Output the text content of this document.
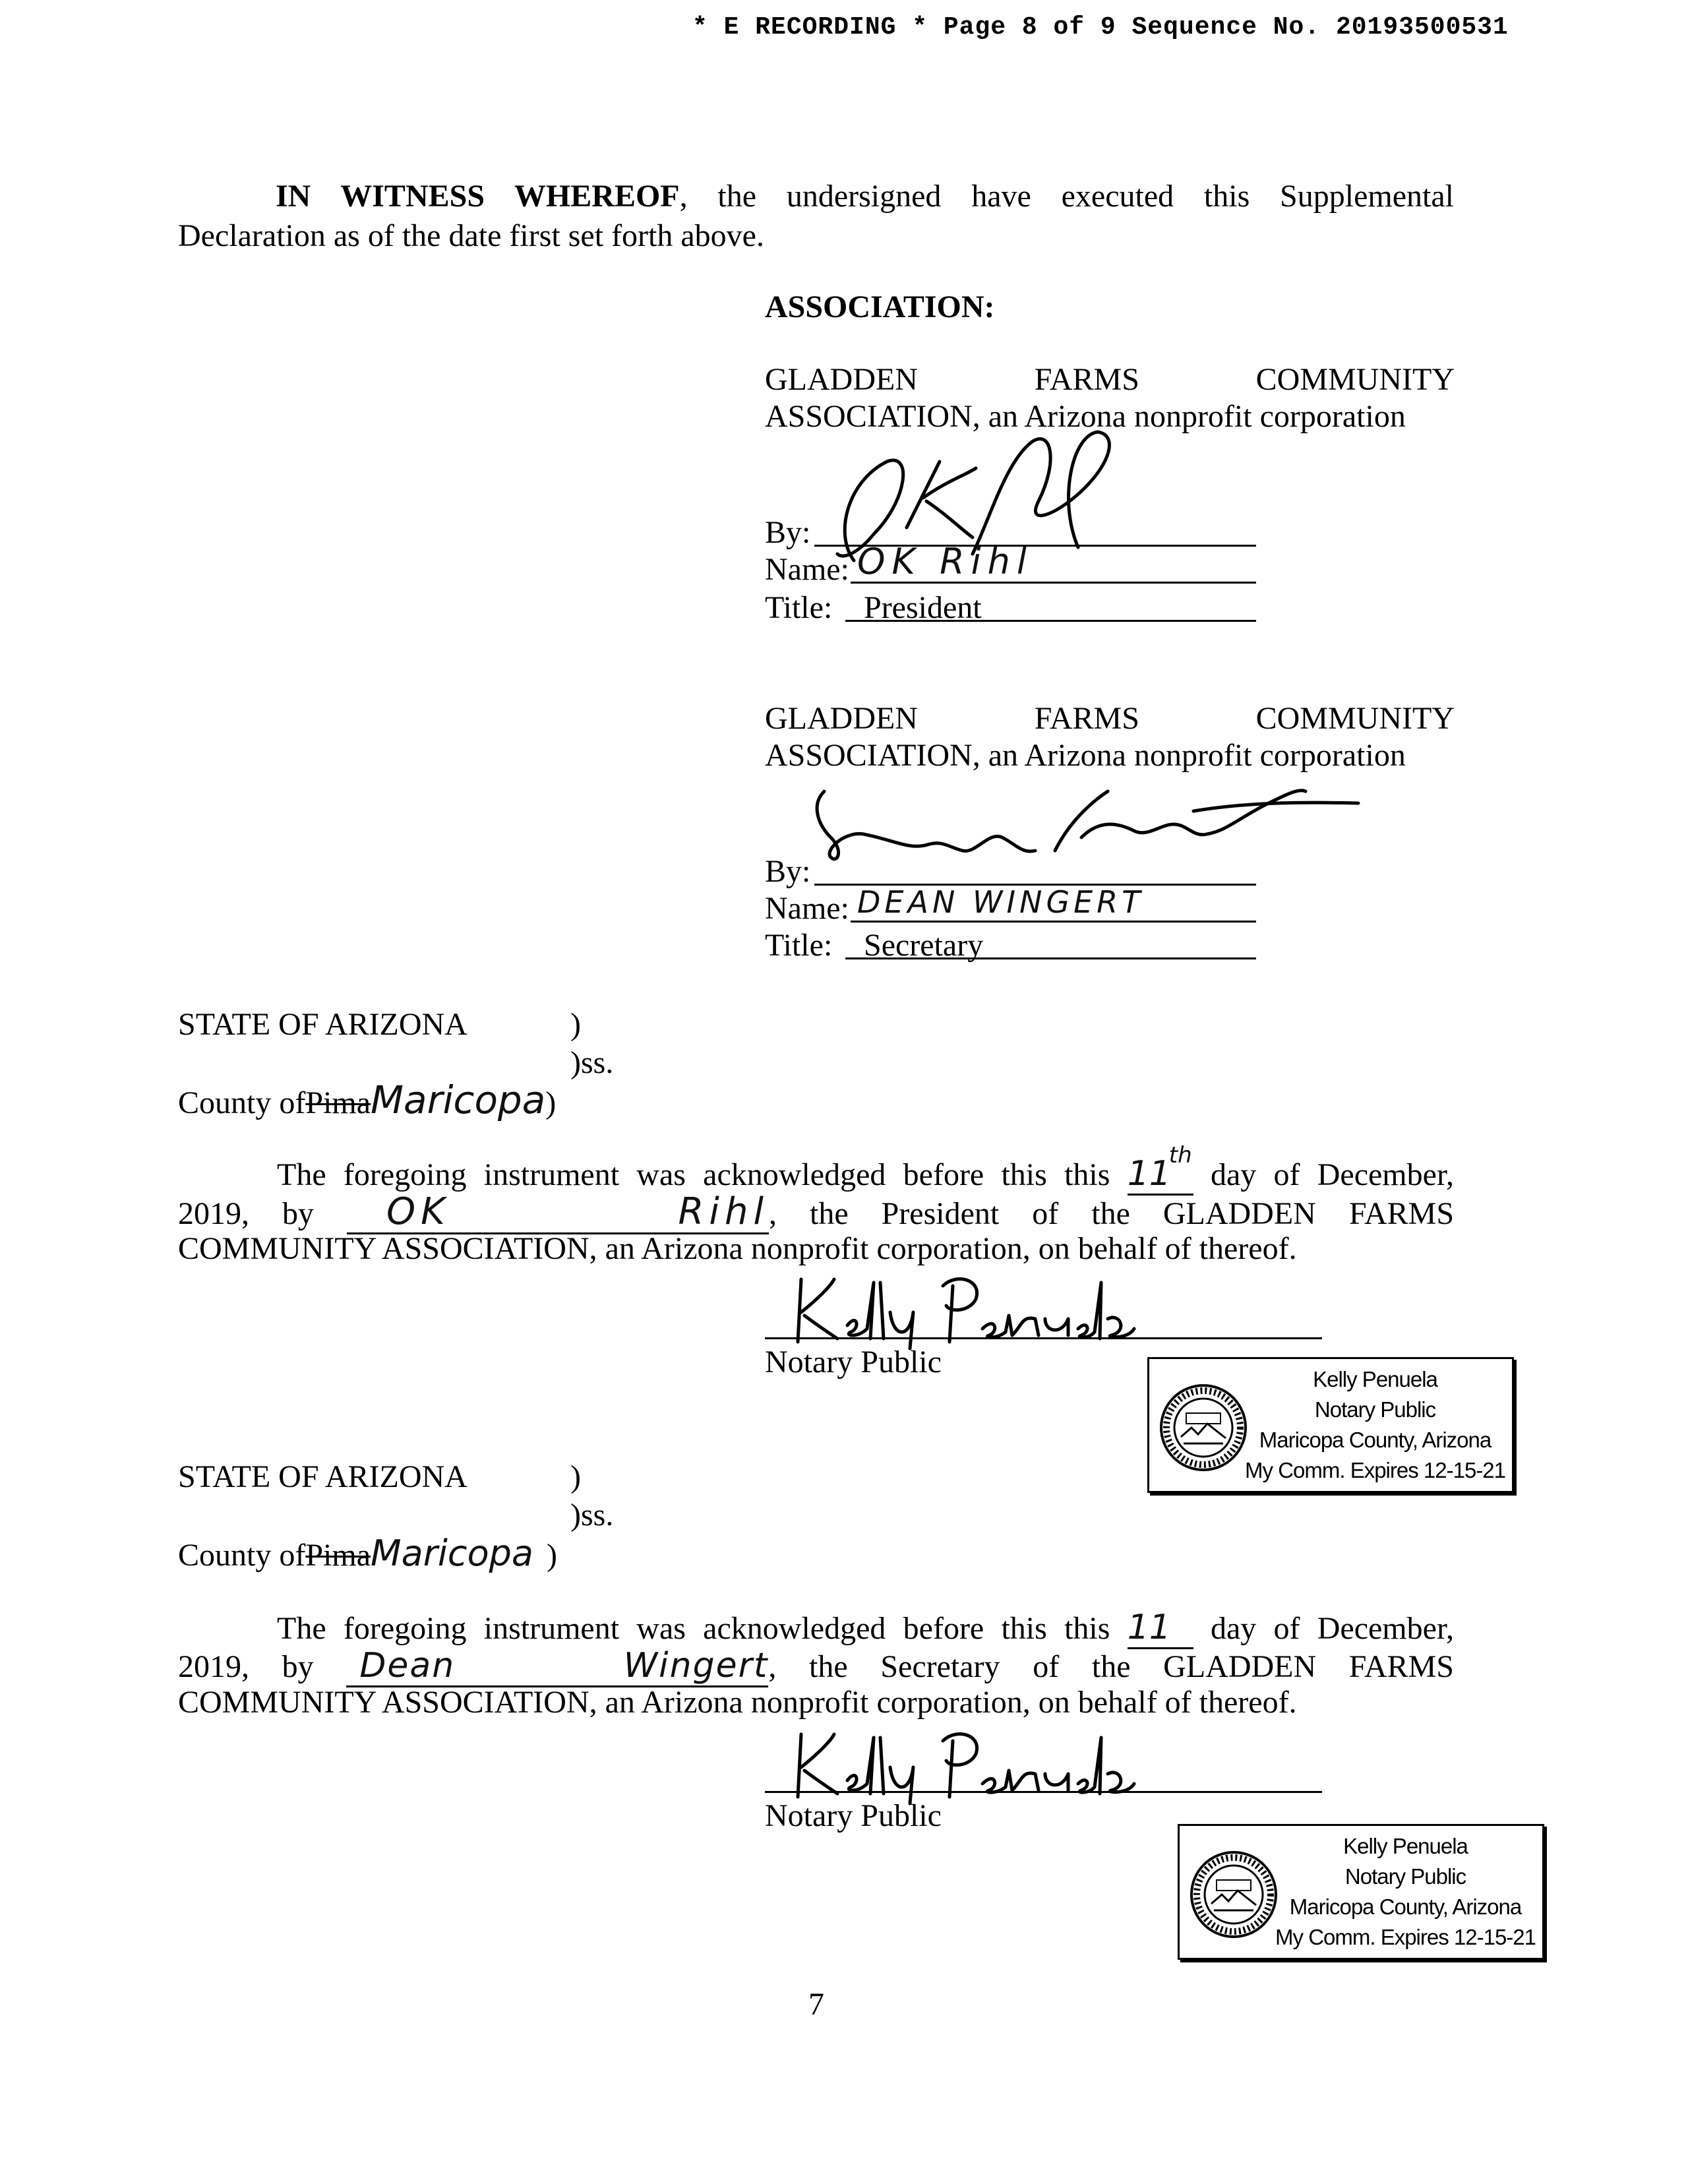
* E RECORDING * Page 8 of 9 Sequence No. 20193500531
IN WITNESS WHEREOF, the undersigned have executed this Supplemental
Declaration as of the date first set forth above.
ASSOCIATION:
GLADDEN	FARMS	COMMUNITY
ASSOCIATION, an Arizona nonprofit corporation
By:
Name: OK Rihl
Title: President
GLADDEN	FARMS	COMMUNITY
ASSOCIATION, an Arizona nonprofit corporation
By:
Name: DEAN WINGERT
Title: Secretary
STATE OF ARIZONA	)
)ss.
County ofPimaMaricopa)
The foregoing instrument was acknowledged before this this 11
th
day of December,
2019, by OK Rihl, the President of the GLADDEN FARMS
COMMUNITY ASSOCIATION, an Arizona nonprofit corporation, on behalf of thereof.
Notary Public	Kelly Penuela
Notary Public
Maricopa County, Arizona
My Comm. Expires 12-15-21
STATE OF ARIZONA	)
)ss.
County ofPimaMaricopa )
The foregoing instrument was acknowledged before this this 11 day of December,
2019, by Dean Wingert, the Secretary of the GLADDEN FARMS
COMMUNITY ASSOCIATION, an Arizona nonprofit corporation, on behalf of thereof.
Notary Public
Kelly Penuela
Notary Public
Maricopa County, Arizona
My Comm. Expires 12-15-21
7
